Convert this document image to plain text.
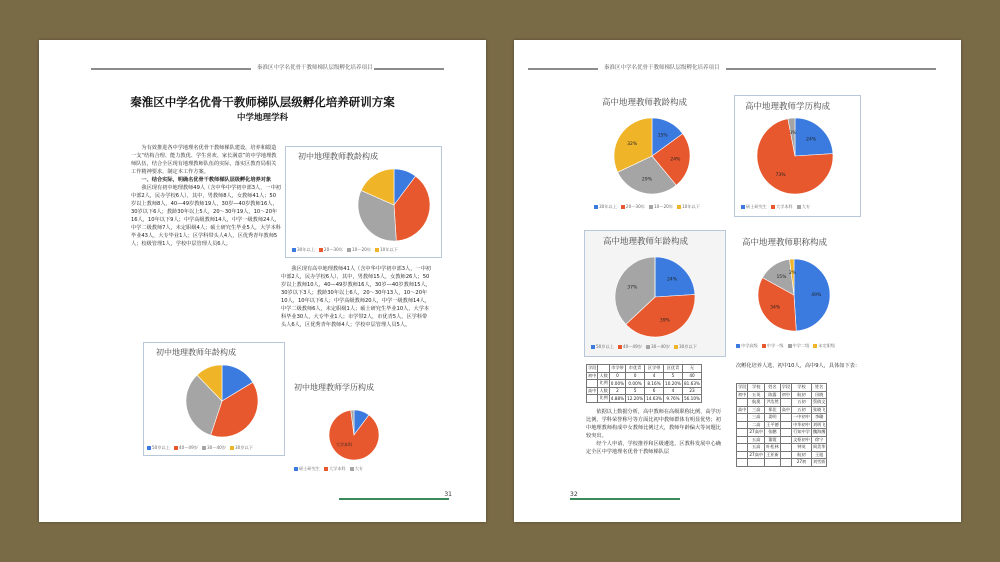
秦淮区中学名优骨干教师梯队层级孵化培养项目
秦淮区中学名优骨干教师梯队层级孵化培养研训方案
中学地理学科

为有效推进各中学地理名优骨干教师梯队建设，培养和锻造一支“结构合理、能力教优、学生喜欢、家长满意”的中学地理教师队伍，结合全区现有地理教师队伍的实际，落实区教育局相关工作精神要求，制定本工作方案。

一、结合实际，明确名优骨干教师梯队层级孵化培养对象

我区现有初中地理教师49人（含中华中学初中部3人，一中初中部2人，民办学校6人），其中，男教师8人，女教师41人；50岁以上教师8人，40—49岁教师19人，30岁—40岁教师16人，30岁以下6人；教龄30年以上5人，20～30年19人，10～20年16人，10年以下9人；中学高级教师14人，中学一级教师24人，中学二级教师7人，未定职级4人；硕士研究生毕业5人，大学本科毕业43人，大专毕业1人；区学科带头人4人，区优秀青年教师5人；校级管理1人，学校中层管理人员6人。

我区现有高中地理教师41人（含中华中学初中部3人，一中初中部2人，民办学校6人），其中，男教师15人，女教师26人；50岁以上教师10人，40—49岁教师16人，30岁—40岁教师15人，30岁以下3人；教龄30年以上6人，20～30年13人，10～20年10人，10年以下6人；中学高级教师20人，中学一级教师14人，中学二级教师6人，未定职级1人；硕士研究生毕业10人，大学本科毕业30人，大专毕业1人；市学带2人，市优青5人，区学科带头人6人，区优秀青年教师4人；学校中层管理人员5人。

初中地理教师教龄构成
30年以上	20～30年	10～20年	10年以下
初中地理教师年龄构成
50岁以上	40～49岁	30～40岁	30岁以下
初中地理教师学历构成
大学本科
硕士研究生	大学本科	大专
31
秦淮区中学名优骨干教师梯队层级孵化培养项目
高中地理教师教龄构成
15%
24%
29%
32%
30年以上	20～30年	10～20年	10年以下
高中地理教师学历构成
24%
73%
3%
硕士研究生	大学本科	大专
高中地理教师年龄构成
24%
39%
37%
50岁以上	40～49岁	30～40岁	30岁以下
高中地理教师职称构成
49%
34%
15%
2%
中学高级	中学一级	中学二级	未定职级
学段		市学带	市优青	区学带	区优青	无
初中	人数	0	0	4	5	40
	比例	0.00%	0.00%	8.16%	10.20%	81.63%
高中	人数	2	5	6	4	23
	比例	4.88%	12.20%	14.63%	9.76%	56.10%

依据以上数据分析，高中教师在高级职称比例、高学历比例、学科荣誉称号等方面比初中教师群体有明显优势；初中地理教师构成中女教师比例过大，教师年龄偏大等问题比较突出。

经个人申请，学校推荐和区级遴选，区教科发展中心确定全区中学地理名优骨干教师梯队层

次孵化培养人选，初中10人，高中9人，具体如下表：

学段	学校	姓名	学段	学校	姓名
初中	五英	陈露	初中	航初	田晓
	航奥	尹浩然		五初	蔡倩文
高中	三高	郑佳	高中	五初	张晓飞
	三高	姜明		一中初中	李璐
	二高	王平德		中华初中	刘明飞
	27高中	张鹏		行知中学	魏海鹰
	五高	董霞		文枢初中	徐宁
	五高	叶松林		钟英	周美华
	27高中	王亚新		航初	王旭
				27初	刘雪娇
32
